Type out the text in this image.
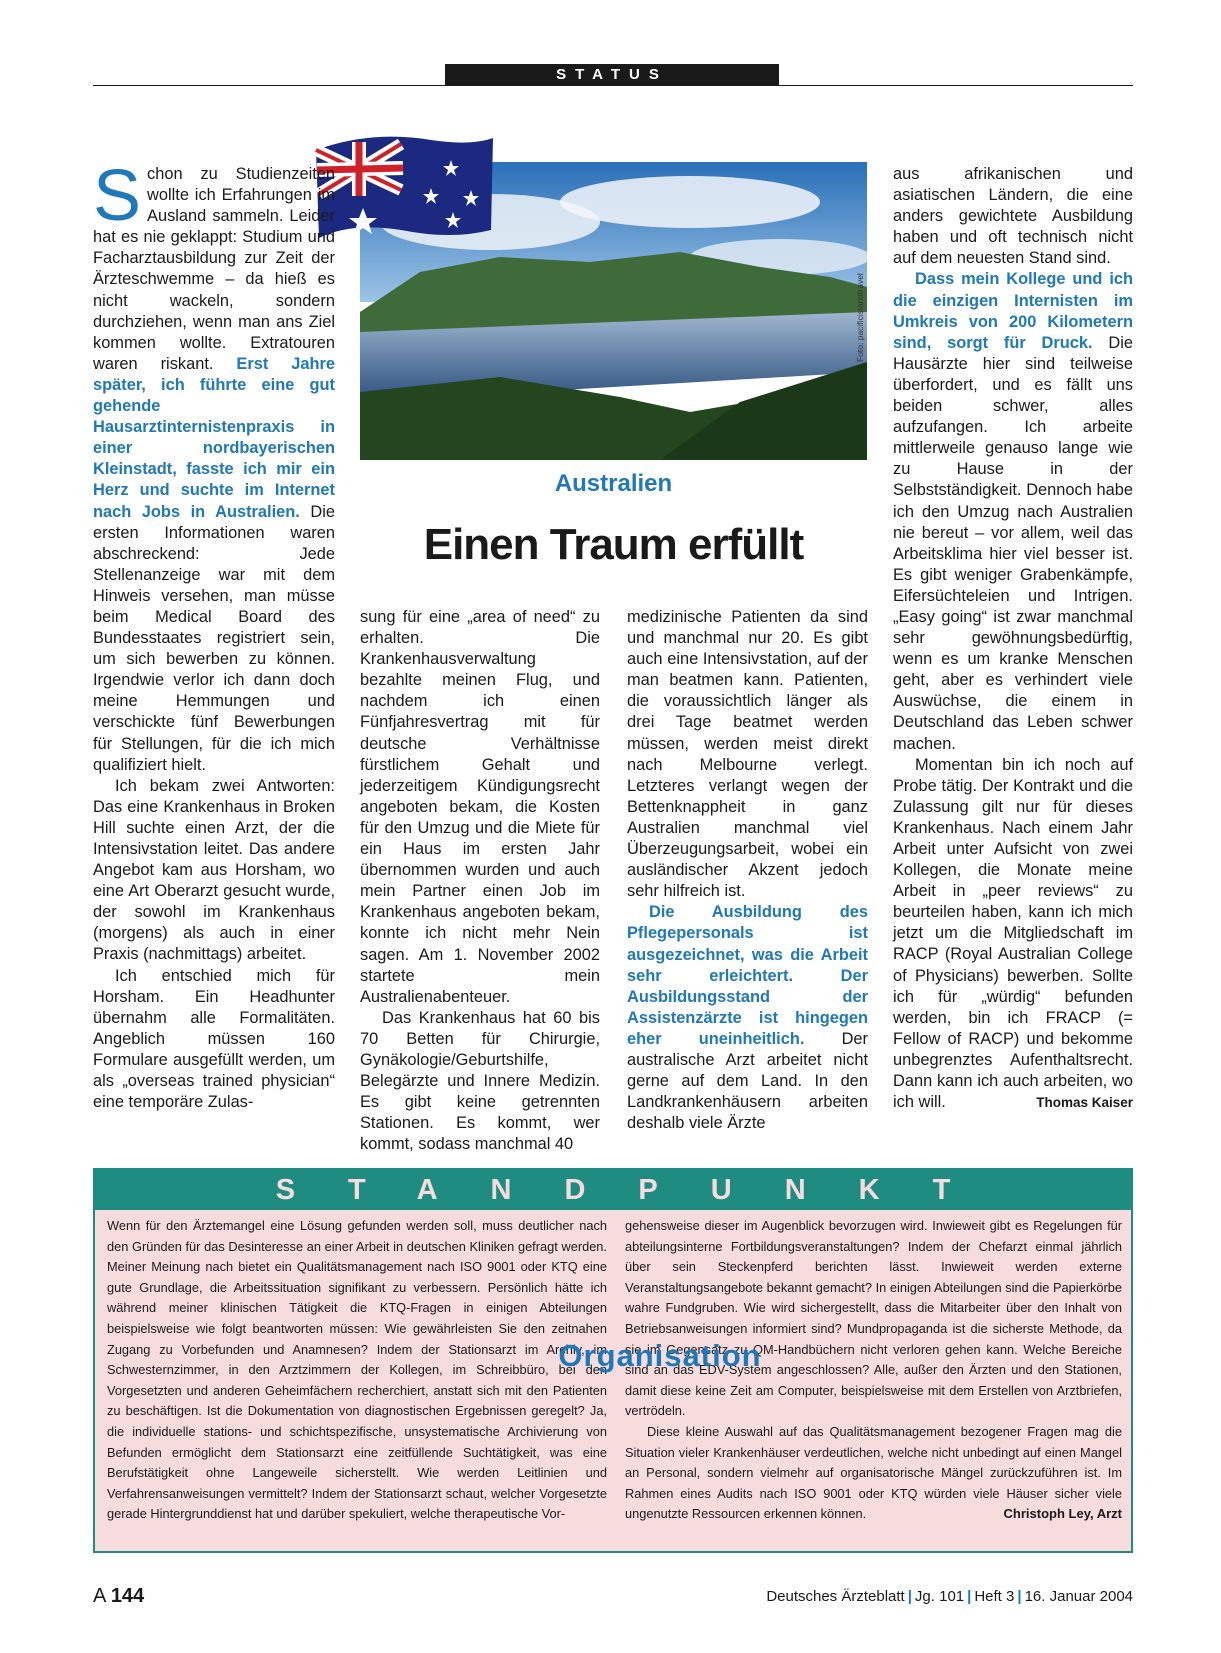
STATUS
Foto: pacificislandtravel
Australien
Einen Traum erfüllt

Schon zu Studienzeiten wollte ich Erfahrungen im Ausland sammeln. Leider hat es nie geklappt: Studium und Facharztausbildung zur Zeit der Ärzteschwemme – da hieß es nicht wackeln, sondern durchziehen, wenn man ans Ziel kommen wollte. Extratouren waren riskant. Erst Jahre später, ich führte eine gut gehende Hausarztinternistenpraxis in einer nordbayerischen Kleinstadt, fasste ich mir ein Herz und suchte im Internet nach Jobs in Australien. Die ersten Informationen waren abschreckend: Jede Stellenanzeige war mit dem Hinweis versehen, man müsse beim Medical Board des Bundesstaates registriert sein, um sich bewerben zu können. Irgendwie verlor ich dann doch meine Hemmungen und verschickte fünf Bewerbungen für Stellungen, für die ich mich qualifiziert hielt.

Ich bekam zwei Antworten: Das eine Krankenhaus in Broken Hill suchte einen Arzt, der die Intensivstation leitet. Das andere Angebot kam aus Horsham, wo eine Art Oberarzt gesucht wurde, der sowohl im Krankenhaus (morgens) als auch in einer Praxis (nachmittags) arbeitet.

Ich entschied mich für Horsham. Ein Headhunter übernahm alle Formalitäten. Angeblich müssen 160 Formulare ausgefüllt werden, um als „overseas trained physician“ eine temporäre Zulas-

sung für eine „area of need“ zu erhalten. Die Krankenhausverwaltung bezahlte meinen Flug, und nachdem ich einen Fünfjahresvertrag mit für deutsche Verhältnisse fürstlichem Gehalt und jederzeitigem Kündigungsrecht angeboten bekam, die Kosten für den Umzug und die Miete für ein Haus im ersten Jahr übernommen wurden und auch mein Partner einen Job im Krankenhaus angeboten bekam, konnte ich nicht mehr Nein sagen. Am 1. November 2002 startete mein Australienabenteuer.

Das Krankenhaus hat 60 bis 70 Betten für Chirurgie, Gynäkologie/Geburtshilfe, Belegärzte und Innere Medizin. Es gibt keine getrennten Stationen. Es kommt, wer kommt, sodass manchmal 40

medizinische Patienten da sind und manchmal nur 20. Es gibt auch eine Intensivstation, auf der man beatmen kann. Patienten, die voraussichtlich länger als drei Tage beatmet werden müssen, werden meist direkt nach Melbourne verlegt. Letzteres verlangt wegen der Bettenknappheit in ganz Australien manchmal viel Überzeugungsarbeit, wobei ein ausländischer Akzent jedoch sehr hilfreich ist.

Die Ausbildung des Pflegepersonals ist ausgezeichnet, was die Arbeit sehr erleichtert. Der Ausbildungsstand der Assistenzärzte ist hingegen eher uneinheitlich. Der australische Arzt arbeitet nicht gerne auf dem Land. In den Landkrankenhäusern arbeiten deshalb viele Ärzte

aus afrikanischen und asiatischen Ländern, die eine anders gewichtete Ausbildung haben und oft technisch nicht auf dem neuesten Stand sind.

Dass mein Kollege und ich die einzigen Internisten im Umkreis von 200 Kilometern sind, sorgt für Druck. Die Hausärzte hier sind teilweise überfordert, und es fällt uns beiden schwer, alles aufzufangen. Ich arbeite mittlerweile genauso lange wie zu Hause in der Selbstständigkeit. Dennoch habe ich den Umzug nach Australien nie bereut – vor allem, weil das Arbeitsklima hier viel besser ist. Es gibt weniger Grabenkämpfe, Eifersüchteleien und Intrigen. „Easy going“ ist zwar manchmal sehr gewöhnungsbedürftig, wenn es um kranke Menschen geht, aber es verhindert viele Auswüchse, die einem in Deutschland das Leben schwer machen.

Momentan bin ich noch auf Probe tätig. Der Kontrakt und die Zulassung gilt nur für dieses Krankenhaus. Nach einem Jahr Arbeit unter Aufsicht von zwei Kollegen, die Monate meine Arbeit in „peer reviews“ zu beurteilen haben, kann ich mich jetzt um die Mitgliedschaft im RACP (Royal Australian College of Physicians) bewerben. Sollte ich für „würdig“ befunden werden, bin ich FRACP (= Fellow of RACP) und bekomme unbegrenztes Aufenthaltsrecht. Dann kann ich auch arbeiten, wo ich will.	Thomas Kaiser

STANDPUNKT

Wenn für den Ärztemangel eine Lösung gefunden werden soll, muss deutlicher nach den Gründen für das Desinteresse an einer Arbeit in deutschen Kliniken gefragt werden. Meiner Meinung nach bietet ein Qualitätsmanagement nach ISO 9001 oder KTQ eine gute Grundlage, die Arbeitssituation signifikant zu verbessern. Persönlich hätte ich während meiner klinischen Tätigkeit die KTQ-Fragen in einigen Abteilungen beispielsweise wie folgt beantworten müssen: Wie gewährleisten Sie den zeitnahen Zugang zu Vorbefunden und Anamnesen? Indem der Stationsarzt im Archiv, im Schwesternzimmer, in den Arztzimmern der Kollegen, im Schreibbüro, bei den Vorgesetzten und anderen Geheimfächern recherchiert, anstatt sich mit den Patienten zu beschäftigen. Ist die Dokumentation von diagnostischen Ergebnissen geregelt? Ja, die individuelle stations- und schichtspezifische, unsystematische Archivierung von Befunden ermöglicht dem Stationsarzt eine zeitfüllende Suchtätigkeit, was eine Berufstätigkeit ohne Langeweile sicherstellt. Wie werden Leitlinien und Verfahrensanweisungen vermittelt? Indem der Stationsarzt schaut, welcher Vorgesetzte gerade Hintergrunddienst hat und darüber spekuliert, welche therapeutische Vor-

gehensweise dieser im Augenblick bevorzugen wird. Inwieweit gibt es Regelungen für abteilungsinterne Fortbildungsveranstaltungen? Indem der Chefarzt einmal jährlich über sein Steckenpferd berichten lässt. Inwieweit werden externe Veranstaltungsangebote bekannt gemacht? In einigen Abteilungen sind die Papierkörbe wahre Fundgruben. Wie wird sichergestellt, dass die Mitarbeiter über den Inhalt von Betriebsanweisungen informiert sind? Mundpropaganda ist die sicherste Methode, da sie im Gegensatz zu QM-Handbüchern nicht verloren gehen kann. Welche Bereiche sind an das EDV-System angeschlossen? Alle, außer den Ärzten und den Stationen, damit diese keine Zeit am Computer, beispielsweise mit dem Erstellen von Arztbriefen, vertrödeln.

Diese kleine Auswahl auf das Qualitätsmanagement bezogener Fragen mag die Situation vieler Krankenhäuser verdeutlichen, welche nicht unbedingt auf einen Mangel an Personal, sondern vielmehr auf organisatorische Mängel zurückzuführen ist. Im Rahmen eines Audits nach ISO 9001 oder KTQ würden viele Häuser sicher viele ungenutzte Ressourcen erkennen können.	Christoph Ley, Arzt

Organisation
A 144	Deutsches Ärzteblatt | Jg. 101 | Heft 3 | 16. Januar 2004
